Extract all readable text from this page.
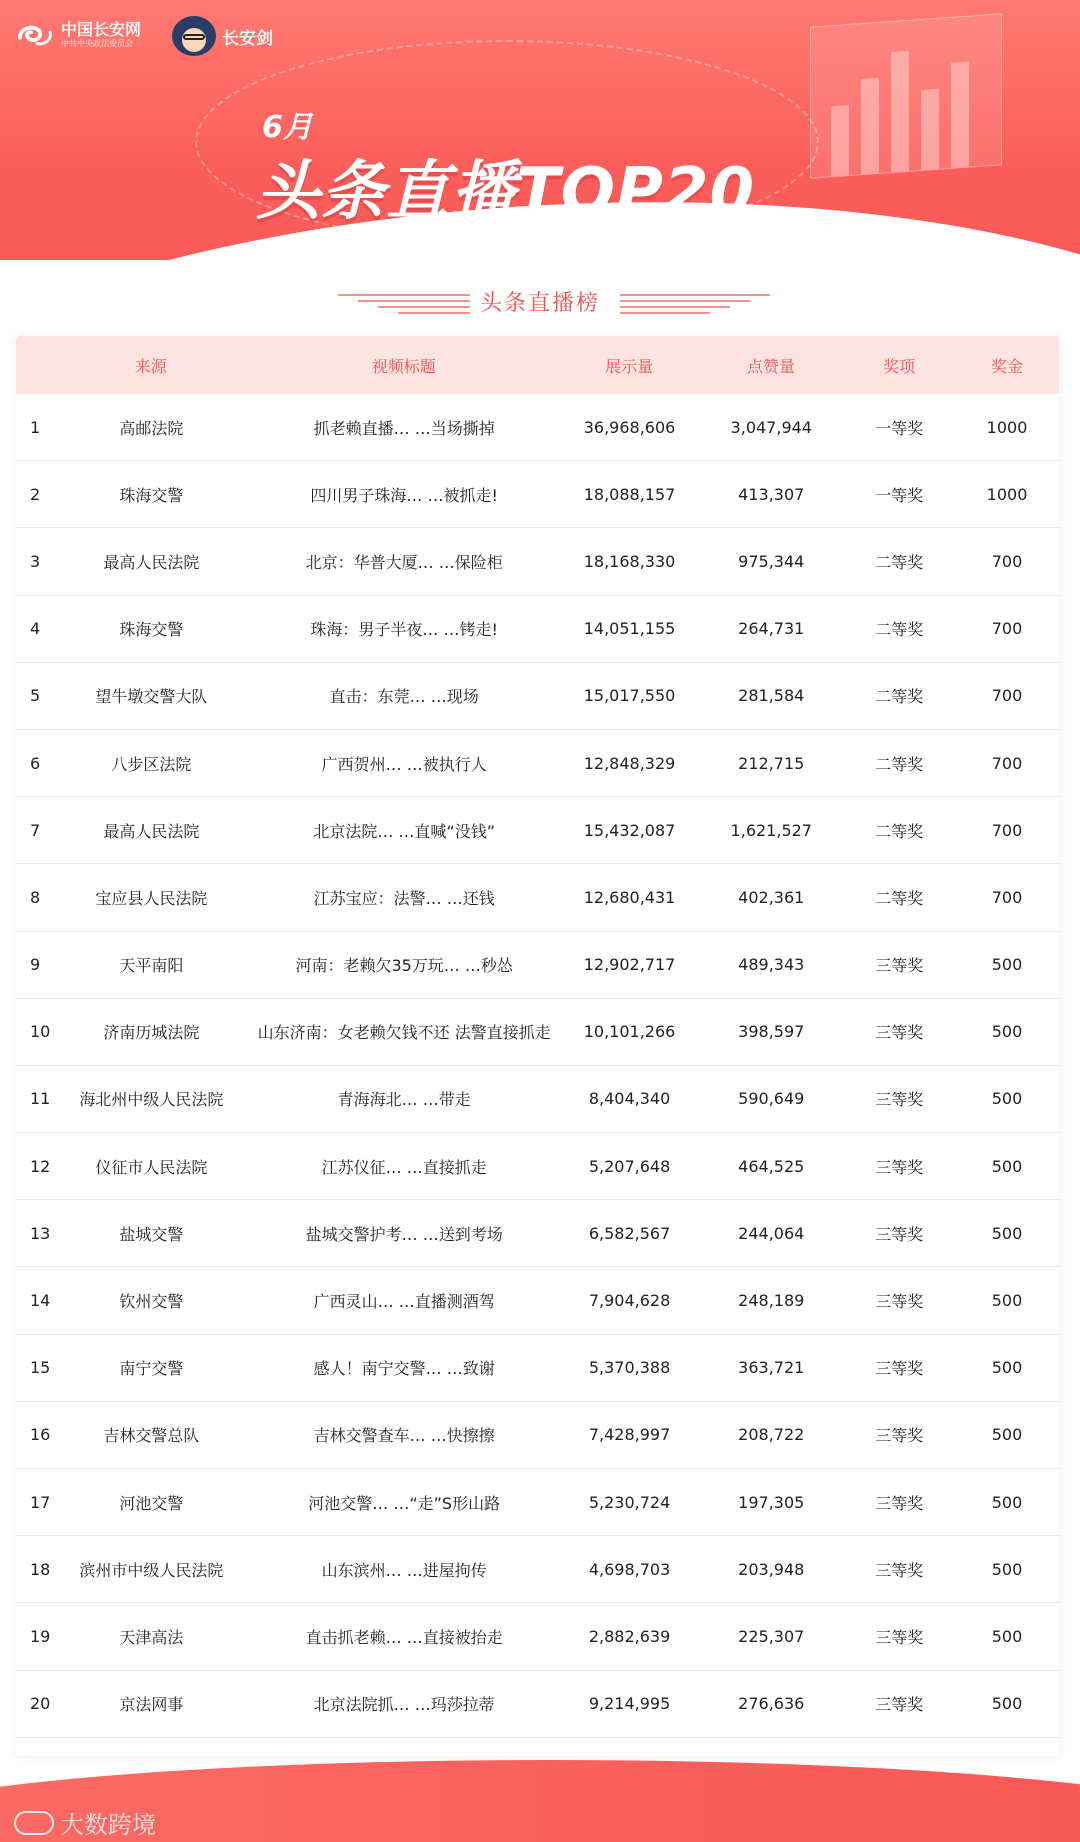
中国长安网
中共中央政法委员会	长安剑
6月
头条直播TOP20
头条直播榜
来源	视频标题	展示量	点赞量	奖项	奖金
1	高邮法院	抓老赖直播… …当场撕掉	36,968,606	3,047,944	一等奖	1000
2	珠海交警	四川男子珠海… …被抓走!	18,088,157	413,307	一等奖	1000
3	最高人民法院	北京：华普大厦… …保险柜	18,168,330	975,344	二等奖	700
4	珠海交警	珠海：男子半夜… …铐走!	14,051,155	264,731	二等奖	700
5	望牛墩交警大队	直击：东莞… …现场	15,017,550	281,584	二等奖	700
6	八步区法院	广西贺州… …被执行人	12,848,329	212,715	二等奖	700
7	最高人民法院	北京法院… …直喊“没钱”	15,432,087	1,621,527	二等奖	700
8	宝应县人民法院	江苏宝应：法警… …还钱	12,680,431	402,361	二等奖	700
9	天平南阳	河南：老赖欠35万玩… …秒怂	12,902,717	489,343	三等奖	500
10	济南历城法院	山东济南：女老赖欠钱不还 法警直接抓走	10,101,266	398,597	三等奖	500
11	海北州中级人民法院	青海海北… …带走	8,404,340	590,649	三等奖	500
12	仪征市人民法院	江苏仪征… …直接抓走	5,207,648	464,525	三等奖	500
13	盐城交警	盐城交警护考… …送到考场	6,582,567	244,064	三等奖	500
14	钦州交警	广西灵山… …直播测酒驾	7,904,628	248,189	三等奖	500
15	南宁交警	感人！南宁交警… …致谢	5,370,388	363,721	三等奖	500
16	吉林交警总队	吉林交警查车… …快擦擦	7,428,997	208,722	三等奖	500
17	河池交警	河池交警… …“走”S形山路	5,230,724	197,305	三等奖	500
18	滨州市中级人民法院	山东滨州… …进屋拘传	4,698,703	203,948	三等奖	500
19	天津高法	直击抓老赖… …直接被抬走	2,882,639	225,307	三等奖	500
20	京法网事	北京法院抓… …玛莎拉蒂	9,214,995	276,636	三等奖	500
大数跨境
